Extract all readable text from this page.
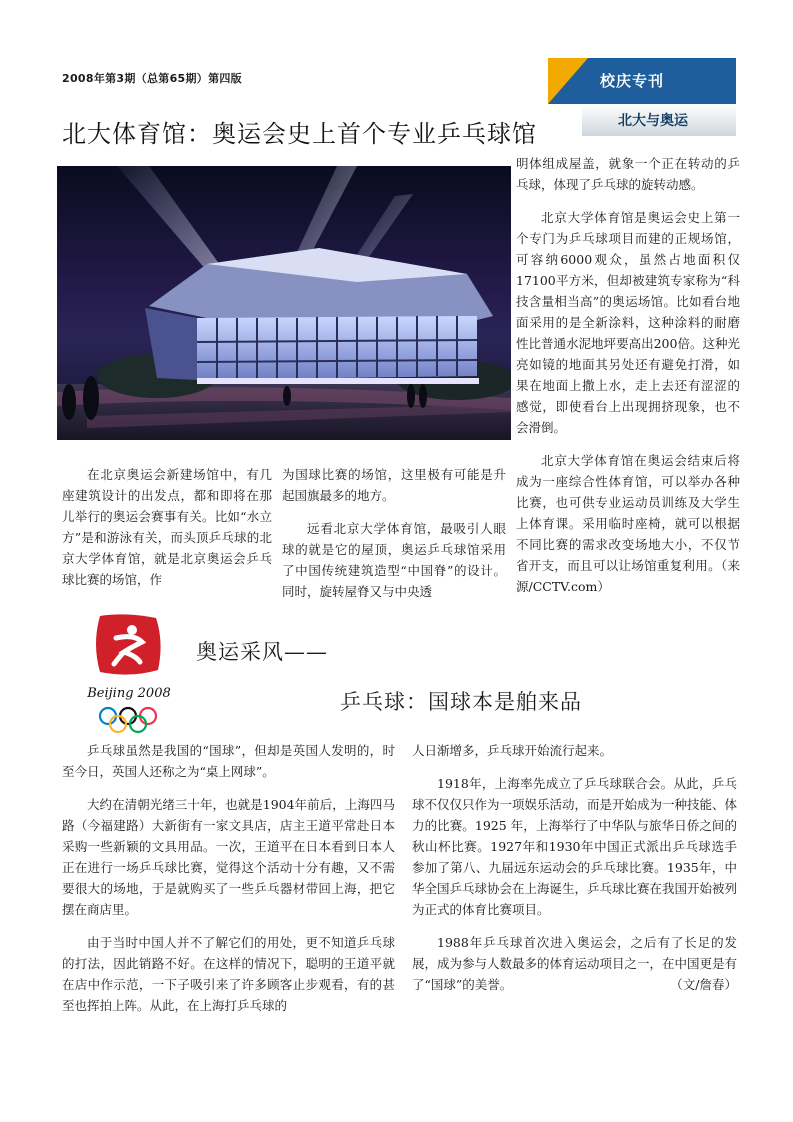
2008年第3期（总第65期）第四版	校庆专刊
北大与奥运
北大体育馆：奥运会史上首个专业乒乓球馆

明体组成屋盖，就象一个正在转动的乒乓球，体现了乒乓球的旋转动感。

北京大学体育馆是奥运会史上第一个专门为乒乓球项目而建的正规场馆，可容纳6000观众，虽然占地面积仅17100平方米，但却被建筑专家称为“科技含量相当高”的奥运场馆。比如看台地面采用的是全新涂料，这种涂料的耐磨性比普通水泥地坪要高出200倍。这种光亮如镜的地面其另处还有避免打滑，如果在地面上撒上水，走上去还有涩涩的感觉，即使看台上出现拥挤现象，也不会滑倒。

北京大学体育馆在奥运会结束后将成为一座综合性体育馆，可以举办各种比赛，也可供专业运动员训练及大学生上体育课。采用临时座椅，就可以根据不同比赛的需求改变场地大小，不仅节省开支，而且可以让场馆重复利用。（来源/CCTV.com）

在北京奥运会新建场馆中，有几座建筑设计的出发点，都和即将在那儿举行的奥运会赛事有关。比如“水立方”是和游泳有关，而头顶乒乓球的北京大学体育馆，就是北京奥运会乒乓球比赛的场馆，作

为国球比赛的场馆，这里极有可能是升起国旗最多的地方。

远看北京大学体育馆，最吸引人眼球的就是它的屋顶，奥运乒乓球馆采用了中国传统建筑造型“中国脊”的设计。同时，旋转屋脊又与中央透

Beijing 2008
奥运采风——
乒乓球：国球本是舶来品

乒乓球虽然是我国的“国球”，但却是英国人发明的，时至今日，英国人还称之为“桌上网球”。

大约在清朝光绪三十年，也就是1904年前后，上海四马路（今福建路）大新街有一家文具店，店主王道平常赴日本采购一些新颖的文具用品。一次，王道平在日本看到日本人正在进行一场乒乓球比赛，觉得这个活动十分有趣，又不需要很大的场地，于是就购买了一些乒乓器材带回上海，把它摆在商店里。

由于当时中国人并不了解它们的用处，更不知道乒乓球的打法，因此销路不好。在这样的情况下，聪明的王道平就在店中作示范，一下子吸引来了许多顾客止步观看，有的甚至也挥拍上阵。从此，在上海打乒乓球的

人日渐增多，乒乓球开始流行起来。

1918年，上海率先成立了乒乓球联合会。从此，乒乓球不仅仅只作为一项娱乐活动，而是开始成为一种技能、体力的比赛。1925 年，上海举行了中华队与旅华日侨之间的秋山杯比赛。1927年和1930年中国正式派出乒乓球选手参加了第八、九届远东运动会的乒乓球比赛。1935年，中华全国乒乓球协会在上海诞生，乒乓球比赛在我国开始被列为正式的体育比赛项目。

1988年乒乓球首次进入奥运会，之后有了长足的发展，成为参与人数最多的体育运动项目之一，在中国更是有了“国球”的美誉。	（文/詹春）
